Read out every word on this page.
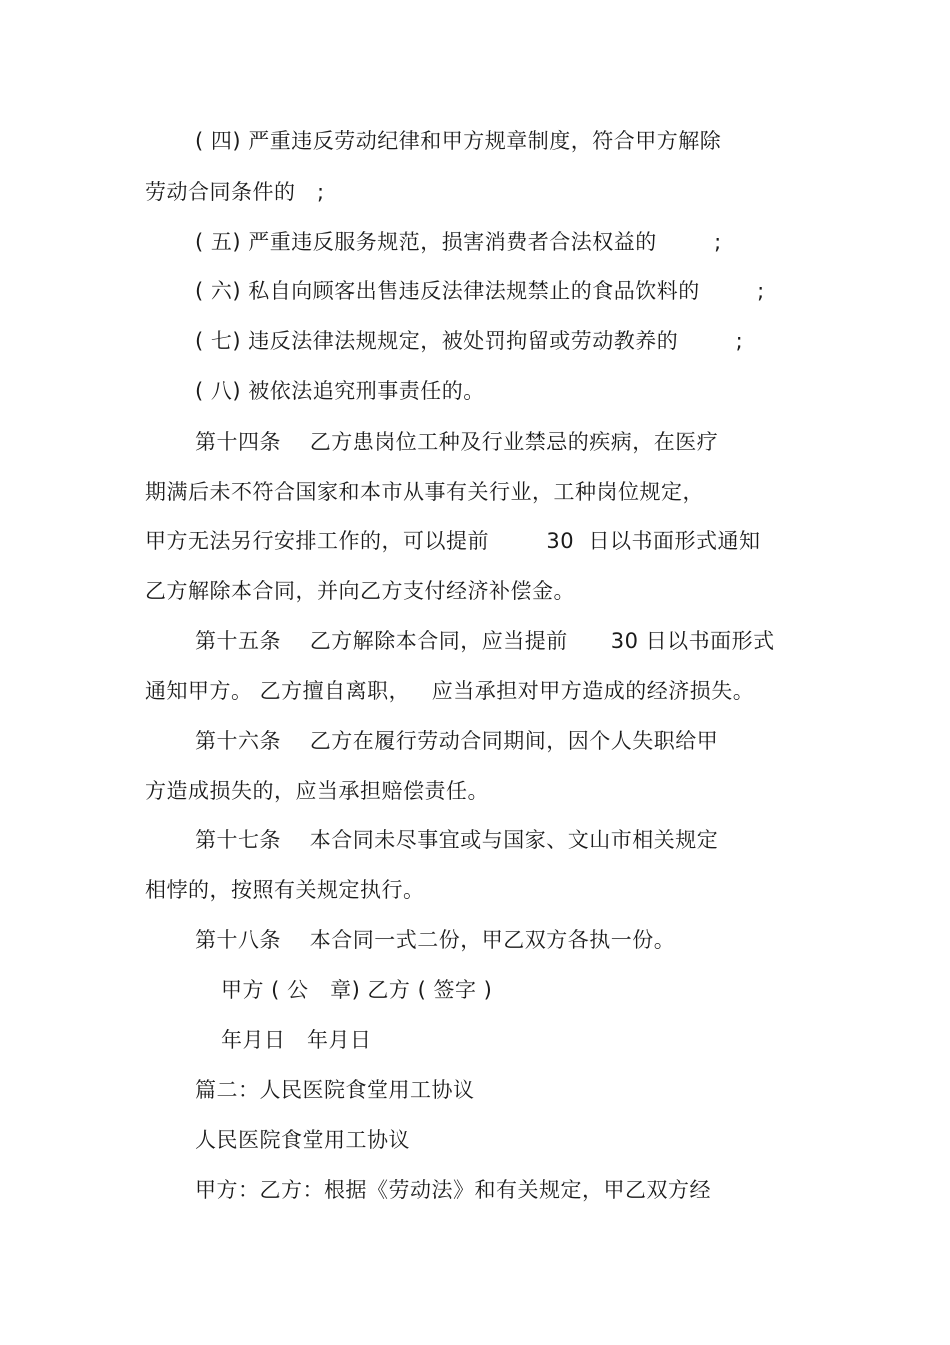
( 四) 严重违反劳动纪律和甲方规章制度，符合甲方解除
劳动合同条件的   ;
( 五) 严重违反服务规范，损害消费者合法权益的        ;
( 六) 私自向顾客出售违反法律法规禁止的食品饮料的        ;
( 七) 违反法律法规规定，被处罚拘留或劳动教养的        ;
( 八) 被依法追究刑事责任的。
第十四条    乙方患岗位工种及行业禁忌的疾病，在医疗
期满后未不符合国家和本市从事有关行业，工种岗位规定，
甲方无法另行安排工作的，可以提前        30  日以书面形式通知
乙方解除本合同，并向乙方支付经济补偿金。
第十五条    乙方解除本合同，应当提前      30 日以书面形式
通知甲方。 乙方擅自离职，   应当承担对甲方造成的经济损失。
第十六条    乙方在履行劳动合同期间，因个人失职给甲
方造成损失的，应当承担赔偿责任。
第十七条    本合同未尽事宜或与国家、文山市相关规定
相悖的，按照有关规定执行。
第十八条    本合同一式二份，甲乙双方各执一份。
甲方 ( 公   章) 乙方 ( 签字 )
年月日   年月日
篇二：人民医院食堂用工协议
人民医院食堂用工协议
甲方：乙方：根据《劳动法》和有关规定，甲乙双方经
